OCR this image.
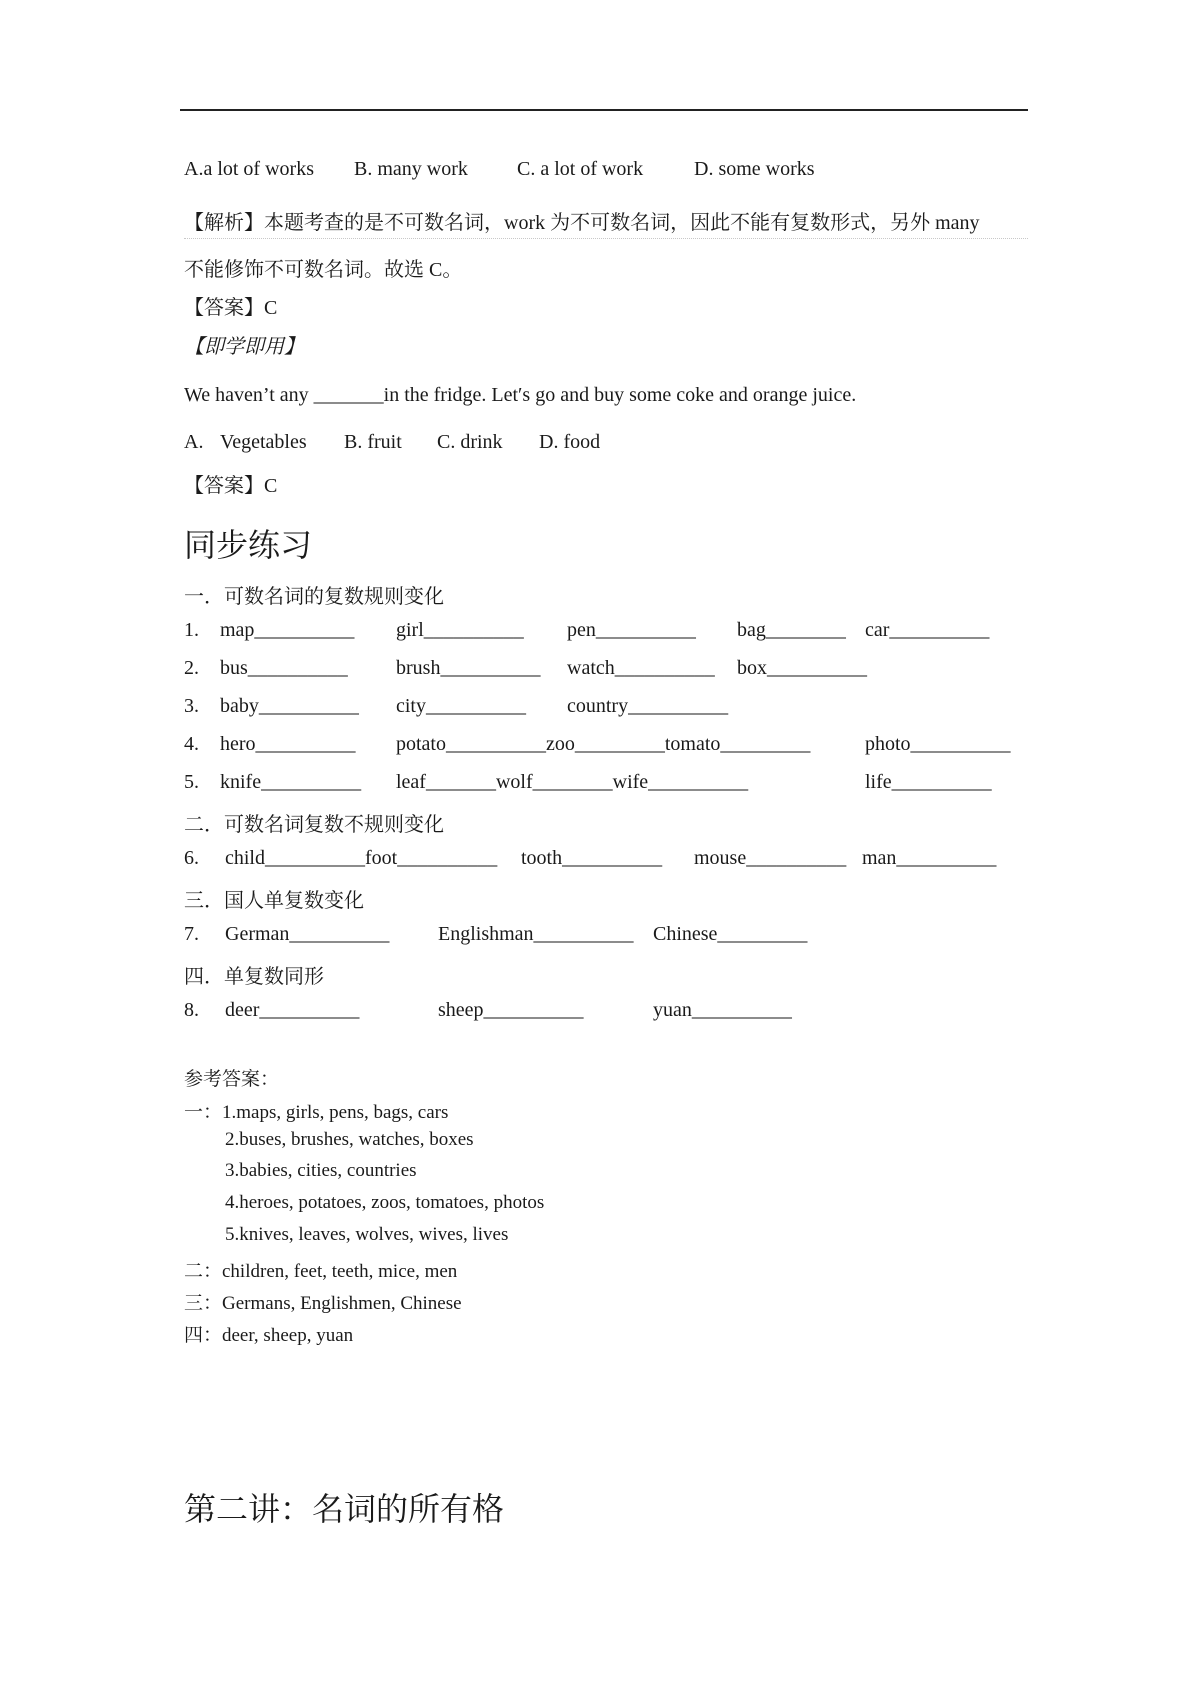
A.a lot of works B. many work C. a lot of work	D. some works
【解析】本题考查的是不可数名词，work 为不可数名词，因此不能有复数形式，另外 many
不能修饰不可数名词。故选 C。
【答案】C
【即学即用】
We haven’t any _______in the fridge. Let′s go and buy some coke and orange juice.
A. Vegetables B. fruit C. drink D. food
【答案】C
同步练习
一．可数名词的复数规则变化
1. map__________ girl__________ pen__________ bag________ car__________
2. bus__________ brush__________ watch__________ box__________
3. baby__________ city__________ country__________
4. hero__________ potato__________zoo_________tomato_________	photo__________
5. knife__________ leaf_______wolf________wife__________	life__________
二．可数名词复数不规则变化
6. child__________foot__________ tooth__________ mouse__________ man__________
三．国人单复数变化
7. German__________ Englishman__________ Chinese_________
四．单复数同形
8. deer__________	sheep__________	yuan__________
参考答案：
一：1.maps, girls, pens, bags, cars
2.buses, brushes, watches, boxes
3.babies, cities, countries
4.heroes, potatoes, zoos, tomatoes, photos
5.knives, leaves, wolves, wives, lives
二：children, feet, teeth, mice, men
三：Germans, Englishmen, Chinese
四：deer, sheep, yuan
第二讲：名词的所有格
